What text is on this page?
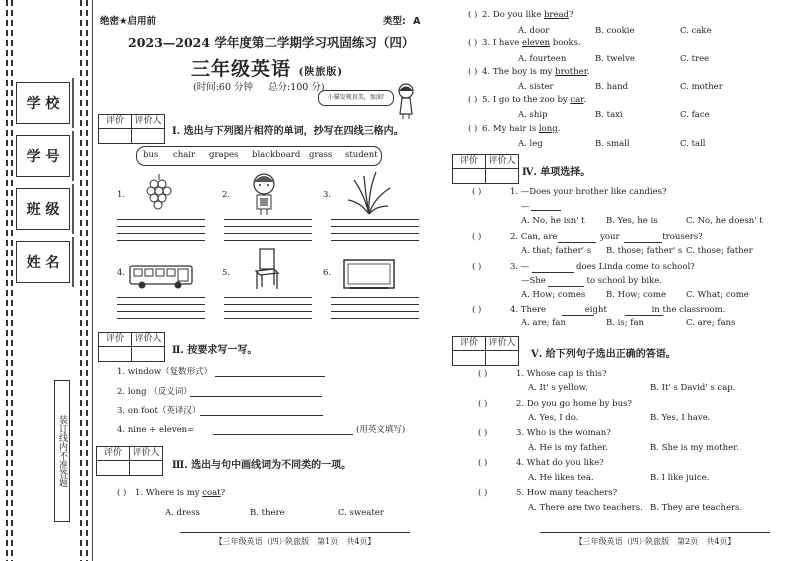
学 校
学 号
班 级
姓 名
装订线内不准答题
绝密★启用前	类型: A
2023—2024 学年度第二学期学习巩固练习（四）
三年级英语 (陕旅版)
(时间:60 分钟 总分:100 分)
小猫发现真美，加油!
评价	评价人
Ⅰ. 选出与下列图片相符的单词，抄写在四线三格内。
bus chair grapes blackboard grass student
1.	2.	3.
4.	5.	6.
评价	评价人
Ⅱ. 按要求写一写。
1. window（复数形式）
2. long （反义词）
3. on foot（英译汉）
4. nine + eleven=	(用英文填写)
评价	评价人
Ⅲ. 选出与句中画线词为不同类的一项。
( ) 1. Where is my coat?
A. dress	B. there	C. sweater
【三年级英语（四）·陕旅版　第1页　共4页】
( ) 2. Do you like bread?
A. door	B. cookie	C. cake
( ) 3. I have eleven books.
A. fourteen	B. twelve	C. tree
( ) 4. The boy is my brother.
A. sister	B. hand	C. mother
( ) 5. I go to the zoo by car.
A. ship	B. taxi	C. face
( ) 6. My hair is long.
A. leg	B. small	C. tall
评价	评价人
Ⅳ. 单项选择。
( )	1. —Does your brother like candies?
—
A. No, he isn' t	B. Yes, he is	C. No, he doesn' t
( )	2. Can, are	your	trousers?
A. that; father' s B. those; father' s C. those; father
( )	3. —	does Linda come to school?
—She	to school by bike.
A. How; comes B. How; come C. What; come
( )	4. There	eight	in the classroom.
A. are; fan	B. is; fan	C. are; fans
评价	评价人
Ⅴ. 给下列句子选出正确的答语。
( )	1. Whose cap is this?
A. It' s yellow.	B. It' s David' s cap.
( )	2. Do you go home by bus?
A. Yes, I do.	B. Yes, I have.
( )	3. Who is the woman?
A. He is my father.	B. She is my mother.
( )	4. What do you like?
A. He likes tea.	B. I like juice.
( )	5. How many teachers?
A. There are two teachers. B. They are teachers.
【三年级英语（四）·陕旅版　第2页　共4页】
